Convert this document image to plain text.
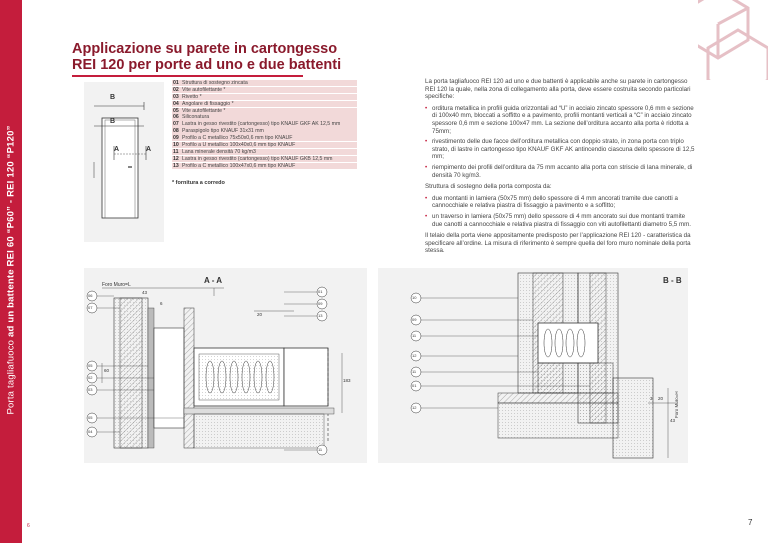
Porta tagliafuoco ad un battente REI 60 “P60” - REI 120 “P120”
Applicazione su parete in cartongesso
REI 120 per porte ad uno e due battenti
B
B
A	A
01 Struttura di sostegno zincata
02 Vite autofilettante *
03 Rivetto *
04 Angolare di fissaggio *
05 Vite autofilettante *
06 Siliconatura
07 Lastra in gesso rivestito (cartongesso) tipo KNAUF GKF AK 12,5 mm
08 Paraspigolo tipo KNAUF 31x31 mm
09 Profilo a C metallico 75x50x0,6 mm tipo KNAUF
10 Profilo a U metallico 100x40x0,6 mm tipo KNAUF
11 Lana minerale densità 70 kg/m3
12 Lastra in gesso rivestito (cartongesso) tipo KNAUF GKB 12,5 mm
13 Profilo a C metallico 100x47x0,6 mm tipo KNAUF
* fornitura a corredo

La porta tagliafuoco REI 120 ad uno e due battenti è applicabile anche su parete in cartongesso REI 120 la quale, nella zona di collegamento alla porta, deve essere costruita secondo particolari specifiche:

• orditura metallica in profili guida orizzontali ad “U” in acciaio zincato spessore 0,6 mm e sezione di 100x40 mm, bloccati a soffitto e a pavimento, profili montanti verticali a “C” in acciaio zincato spessore 0,6 mm e sezione 100x47 mm. La sezione dell’orditura accanto alla porta è ridotta a 75mm;
• rivestimento delle due facce dell’orditura metallica con doppio strato, in zona porta con triplo strato, di lastre in cartongesso tipo KNAUF GKF AK antincendio ciascuna dello spessore di 12,5 mm;
• riempimento dei profili dell’orditura da 75 mm accanto alla porta con striscie di lana minerale, di densità 70 kg/m3.

Struttura di sostegno della porta composta da:

• due montanti in lamiera (50x75 mm) dello spessore di 4 mm ancorati tramite due canotti a cannocchiale e relativa piastra di fissaggio a pavimento e a soffitto;
• un traverso in lamiera (50x75 mm) dello spessore di 4 mm ancorato sui due montanti tramite due canotti a cannocchiale e relativa piastra di fissaggio con viti autofilettanti diametro 5,5 mm.

Il telaio della porta viene appositamente predisposto per l’applicazione REI 120 - caratteristica da specificare all’ordine. La misura di riferimento è sempre quella del foro muro nominale della porta stessa.

A - A
Foro Muro=L
43
20
6
183
60
06
07
05
02
03
05
04
01
09
13
11
B - B
Foro Muro=H
43
3 20
10
09
11
12
11
01
12
6	7
